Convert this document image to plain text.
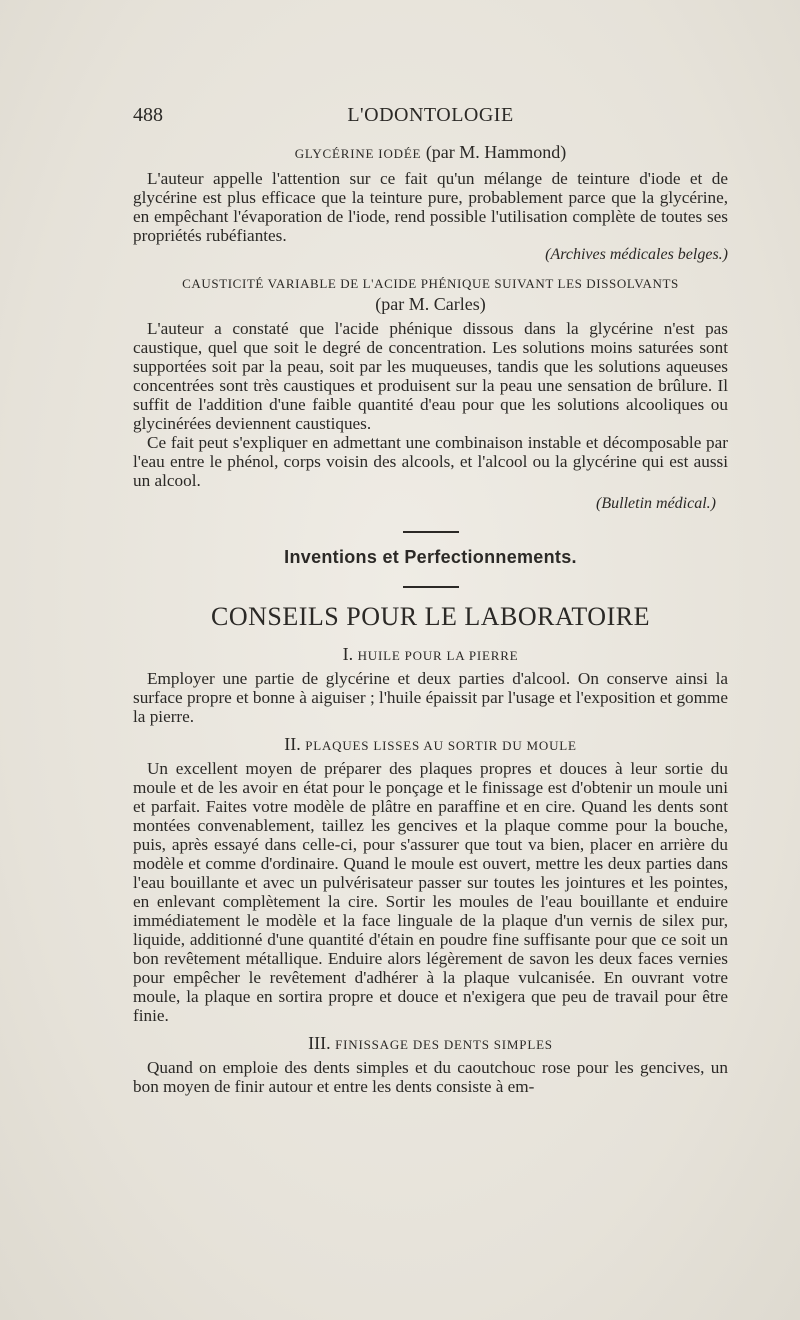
488	L'ODONTOLOGIE
GLYCÉRINE IODÉE (par M. Hammond)

L'auteur appelle l'attention sur ce fait qu'un mélange de teinture d'iode et de glycérine est plus efficace que la teinture pure, probablement parce que la glycérine, en empêchant l'évaporation de l'iode, rend possible l'utilisation complète de toutes ses propriétés rubéfiantes.

(Archives médicales belges.)
CAUSTICITÉ VARIABLE DE L'ACIDE PHÉNIQUE SUIVANT LES DISSOLVANTS
(par M. Carles)

L'auteur a constaté que l'acide phénique dissous dans la glycérine n'est pas caustique, quel que soit le degré de concentration. Les solutions moins saturées sont supportées soit par la peau, soit par les muqueuses, tandis que les solutions aqueuses concentrées sont très caustiques et produisent sur la peau une sensation de brûlure. Il suffit de l'addition d'une faible quantité d'eau pour que les solutions alcooliques ou glycinérées deviennent caustiques.

Ce fait peut s'expliquer en admettant une combinaison instable et décomposable par l'eau entre le phénol, corps voisin des alcools, et l'alcool ou la glycérine qui est aussi un alcool.

(Bulletin médical.)
Inventions et Perfectionnements.
CONSEILS POUR LE LABORATOIRE
I. HUILE POUR LA PIERRE

Employer une partie de glycérine et deux parties d'alcool. On conserve ainsi la surface propre et bonne à aiguiser ; l'huile épaissit par l'usage et l'exposition et gomme la pierre.

II. PLAQUES LISSES AU SORTIR DU MOULE

Un excellent moyen de préparer des plaques propres et douces à leur sortie du moule et de les avoir en état pour le ponçage et le finissage est d'obtenir un moule uni et parfait. Faites votre modèle de plâtre en paraffine et en cire. Quand les dents sont montées convenablement, taillez les gencives et la plaque comme pour la bouche, puis, après essayé dans celle-ci, pour s'assurer que tout va bien, placer en arrière du modèle et comme d'ordinaire. Quand le moule est ouvert, mettre les deux parties dans l'eau bouillante et avec un pulvérisateur passer sur toutes les jointures et les pointes, en enlevant complètement la cire. Sortir les moules de l'eau bouillante et enduire immédiatement le modèle et la face linguale de la plaque d'un vernis de silex pur, liquide, additionné d'une quantité d'étain en poudre fine suffisante pour que ce soit un bon revêtement métallique. Enduire alors légèrement de savon les deux faces vernies pour empêcher le revêtement d'adhérer à la plaque vulcanisée. En ouvrant votre moule, la plaque en sortira propre et douce et n'exigera que peu de travail pour être finie.

III. FINISSAGE DES DENTS SIMPLES

Quand on emploie des dents simples et du caoutchouc rose pour les gencives, un bon moyen de finir autour et entre les dents consiste à em-
